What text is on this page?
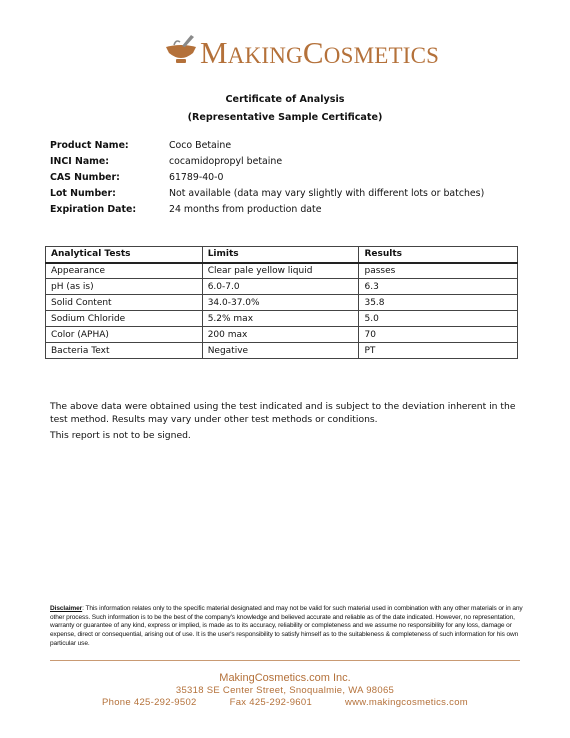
MAKINGCOSMETICS
Certificate of Analysis
(Representative Sample Certificate)
Product Name:	Coco Betaine
INCI Name:	cocamidopropyl betaine
CAS Number:	61789-40-0
Lot Number:	Not available (data may vary slightly with different lots or batches)
Expiration Date:	24 months from production date
Analytical Tests	Limits	Results
Appearance	Clear pale yellow liquid	passes
pH (as is)	6.0-7.0	6.3
Solid Content	34.0-37.0%	35.8
Sodium Chloride	5.2% max	5.0
Color (APHA)	200 max	70
Bacteria Text	Negative	PT
The above data were obtained using the test indicated and is subject to the deviation inherent in the test method. Results may vary under other test methods or conditions.
This report is not to be signed.
Disclaimer: This information relates only to the specific material designated and may not be valid for such material used in combination with any other materials or in any other process. Such information is to be the best of the company's knowledge and believed accurate and reliable as of the date indicated. However, no representation, warranty or guarantee of any kind, express or implied, is made as to its accuracy, reliability or completeness and we assume no responsibility for any loss, damage or expense, direct or consequential, arising out of use. It is the user's responsibility to satisfy himself as to the suitableness & completeness of such information for his own particular use.
MakingCosmetics.com Inc.
35318 SE Center Street, Snoqualmie, WA 98065
Phone 425-292-9502	Fax 425-292-9601	www.makingcosmetics.com
